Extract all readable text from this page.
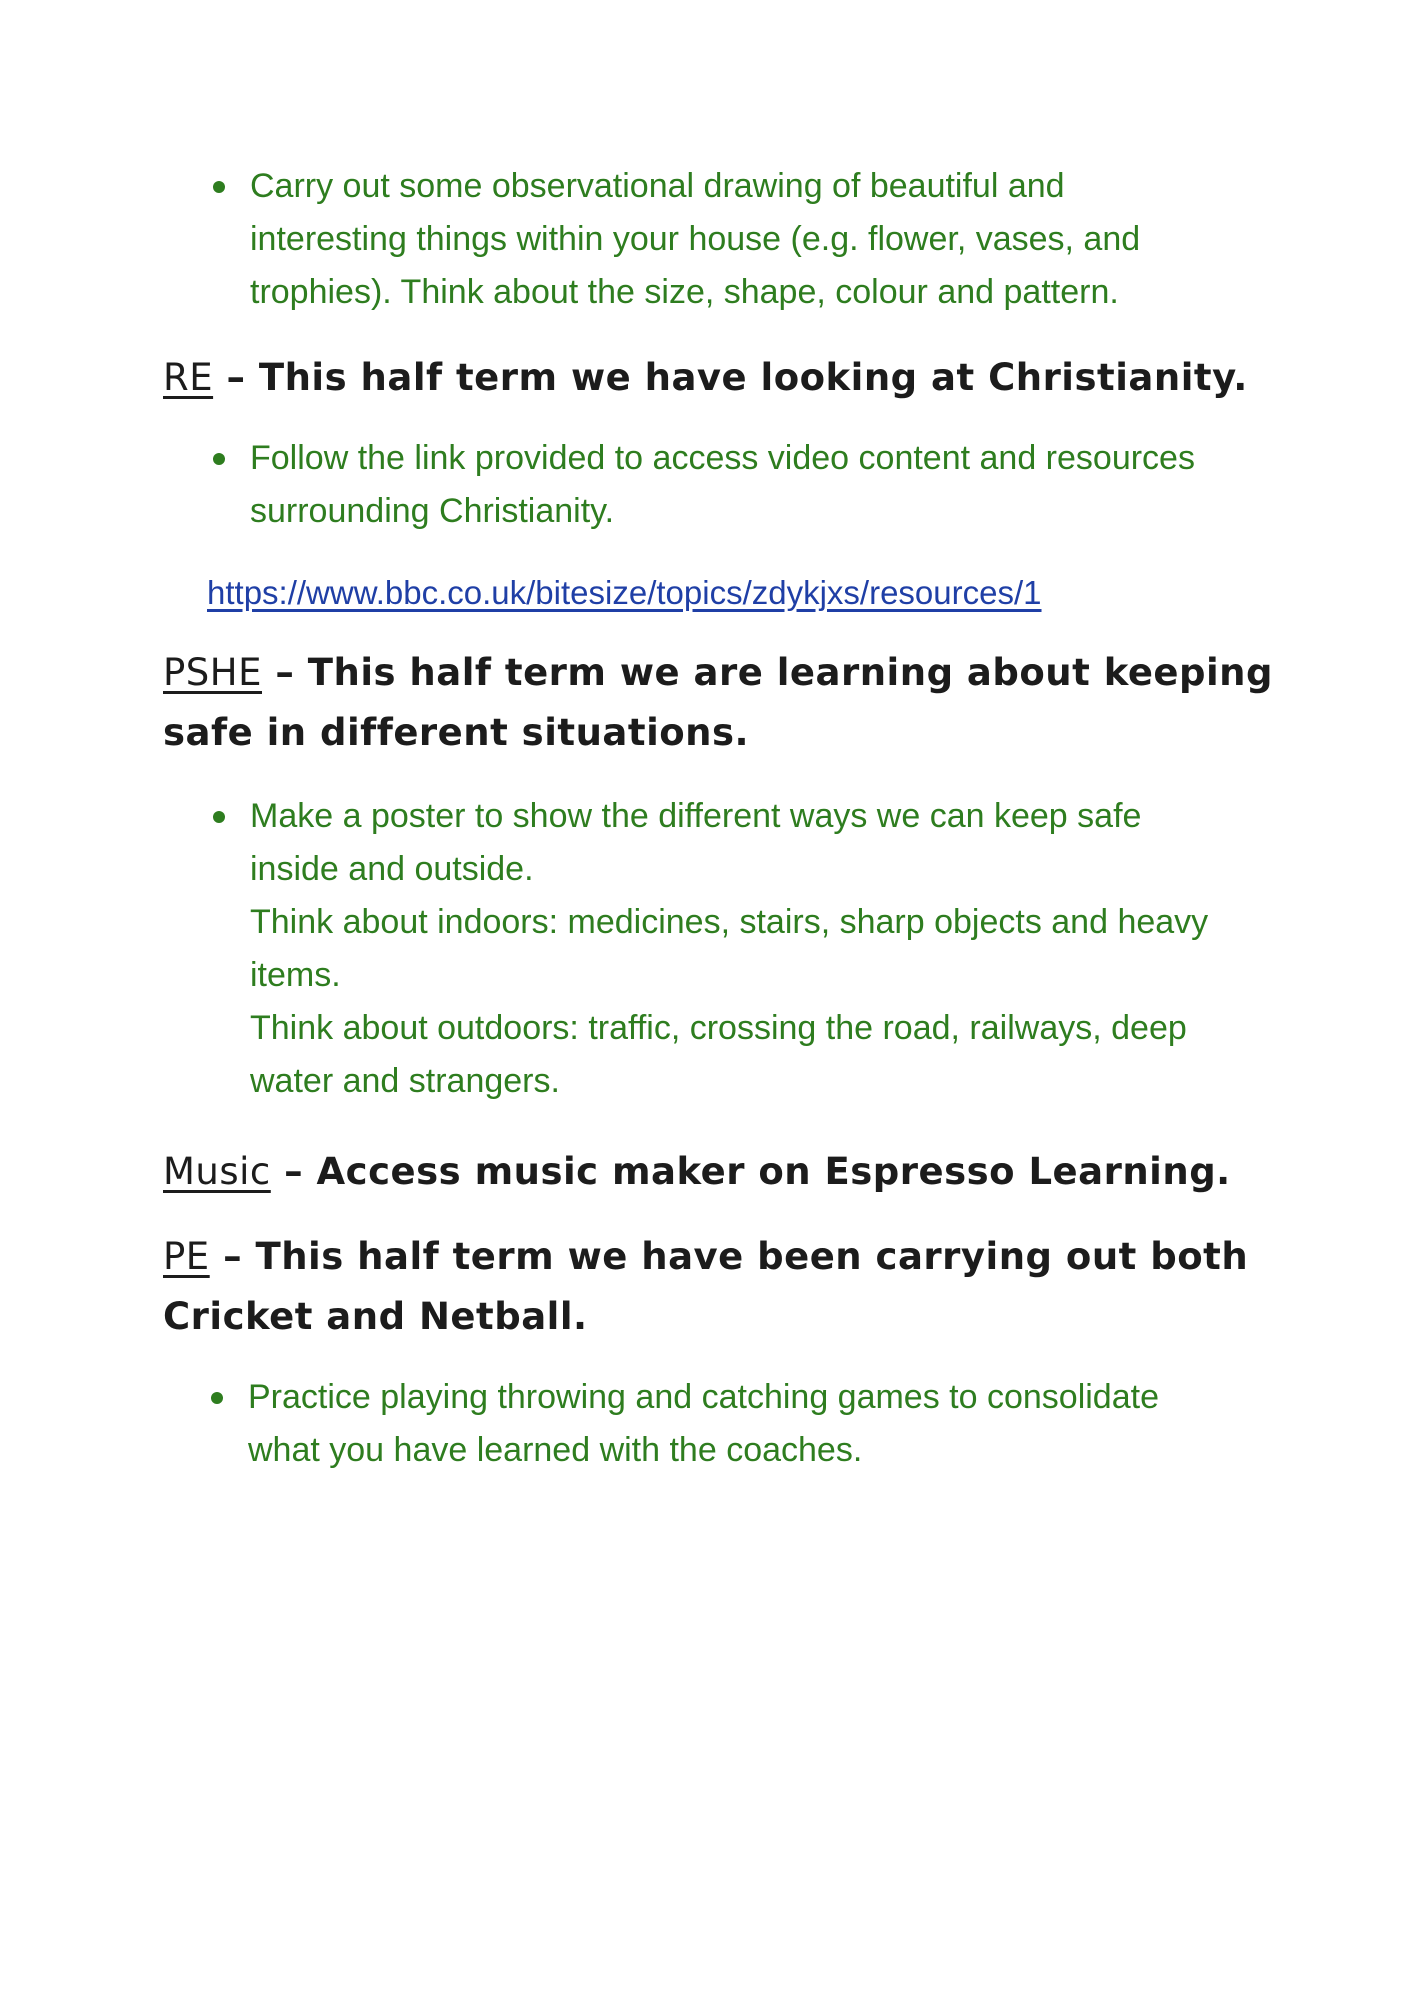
Carry out some observational drawing of beautiful and
interesting things within your house (e.g. flower, vases, and
trophies). Think about the size, shape, colour and pattern.
RE – This half term we have looking at Christianity.
Follow the link provided to access video content and resources
surrounding Christianity.
https://www.bbc.co.uk/bitesize/topics/zdykjxs/resources/1
PSHE – This half term we are learning about keeping
safe in different situations.
Make a poster to show the different ways we can keep safe
inside and outside.
Think about indoors: medicines, stairs, sharp objects and heavy
items.
Think about outdoors: traffic, crossing the road, railways, deep
water and strangers.
Music – Access music maker on Espresso Learning.
PE – This half term we have been carrying out both
Cricket and Netball.
Practice playing throwing and catching games to consolidate
what you have learned with the coaches.
